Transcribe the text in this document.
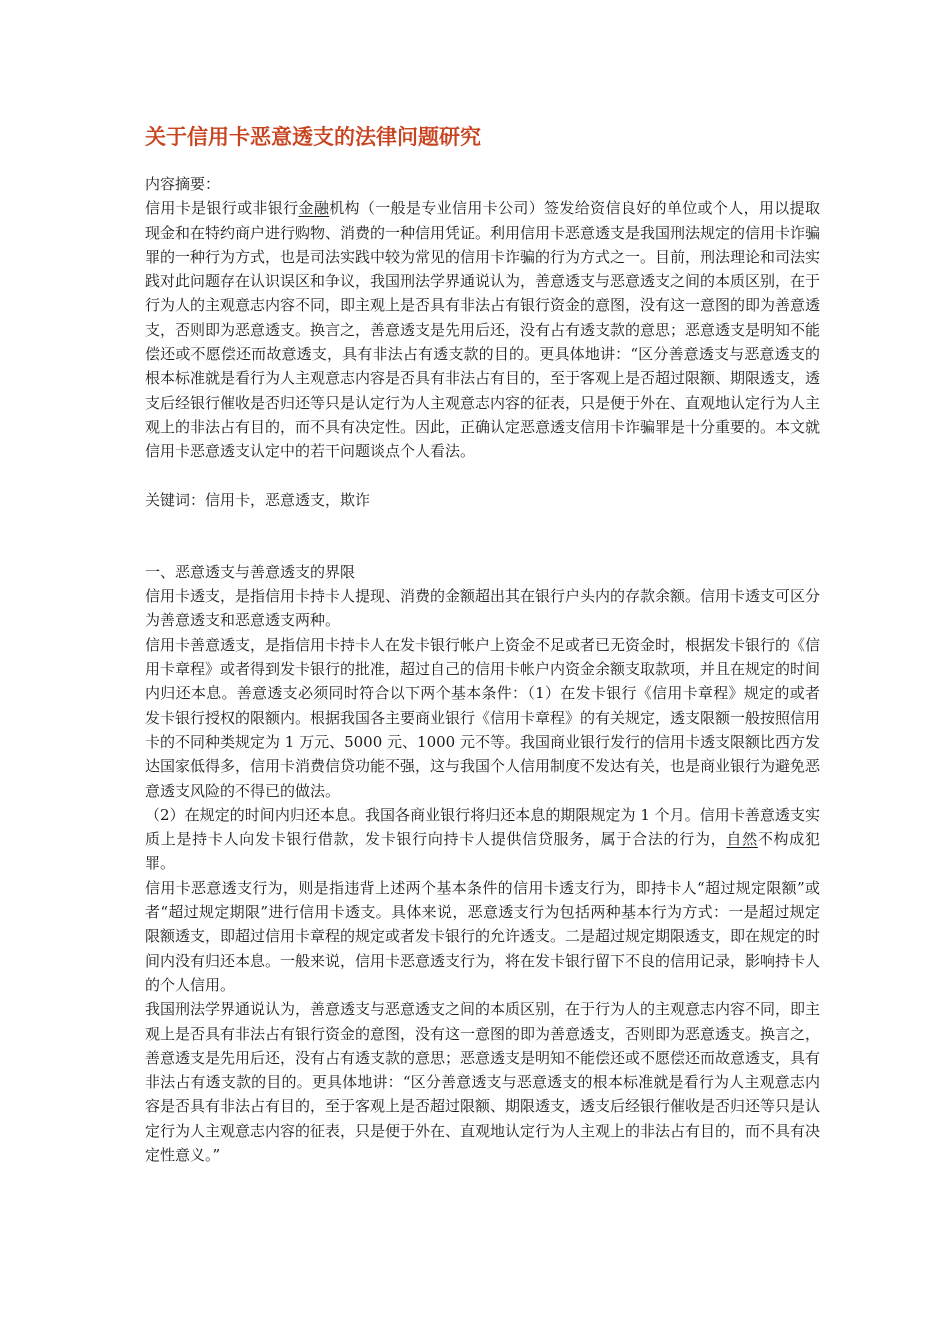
关于信用卡恶意透支的法律问题研究

内容摘要：

信用卡是银行或非银行金融机构（一般是专业信用卡公司）签发给资信良好的单位或个人，用以提取现金和在特约商户进行购物、消费的一种信用凭证。利用信用卡恶意透支是我国刑法规定的信用卡诈骗罪的一种行为方式，也是司法实践中较为常见的信用卡诈骗的行为方式之一。目前，刑法理论和司法实践对此问题存在认识误区和争议，我国刑法学界通说认为，善意透支与恶意透支之间的本质区别，在于行为人的主观意志内容不同，即主观上是否具有非法占有银行资金的意图，没有这一意图的即为善意透支，否则即为恶意透支。换言之，善意透支是先用后还，没有占有透支款的意思；恶意透支是明知不能偿还或不愿偿还而故意透支，具有非法占有透支款的目的。更具体地讲：“区分善意透支与恶意透支的根本标准就是看行为人主观意志内容是否具有非法占有目的，至于客观上是否超过限额、期限透支，透支后经银行催收是否归还等只是认定行为人主观意志内容的征表，只是便于外在、直观地认定行为人主观上的非法占有目的，而不具有决定性。因此，正确认定恶意透支信用卡诈骗罪是十分重要的。本文就信用卡恶意透支认定中的若干问题谈点个人看法。

关键词：信用卡，恶意透支，欺诈

一、恶意透支与善意透支的界限

信用卡透支，是指信用卡持卡人提现、消费的金额超出其在银行户头内的存款余额。信用卡透支可区分为善意透支和恶意透支两种。

信用卡善意透支，是指信用卡持卡人在发卡银行帐户上资金不足或者已无资金时，根据发卡银行的《信用卡章程》或者得到发卡银行的批准，超过自己的信用卡帐户内资金余额支取款项，并且在规定的时间内归还本息。善意透支必须同时符合以下两个基本条件：（1）在发卡银行《信用卡章程》规定的或者发卡银行授权的限额内。根据我国各主要商业银行《信用卡章程》的有关规定，透支限额一般按照信用卡的不同种类规定为 1 万元、5000 元、1000 元不等。我国商业银行发行的信用卡透支限额比西方发达国家低得多，信用卡消费信贷功能不强，这与我国个人信用制度不发达有关，也是商业银行为避免恶意透支风险的不得已的做法。

（2）在规定的时间内归还本息。我国各商业银行将归还本息的期限规定为 1 个月。信用卡善意透支实质上是持卡人向发卡银行借款，发卡银行向持卡人提供信贷服务，属于合法的行为，自然不构成犯罪。

信用卡恶意透支行为，则是指违背上述两个基本条件的信用卡透支行为，即持卡人“超过规定限额”或者“超过规定期限”进行信用卡透支。具体来说，恶意透支行为包括两种基本行为方式：一是超过规定限额透支，即超过信用卡章程的规定或者发卡银行的允许透支。二是超过规定期限透支，即在规定的时间内没有归还本息。一般来说，信用卡恶意透支行为，将在发卡银行留下不良的信用记录，影响持卡人的个人信用。

我国刑法学界通说认为，善意透支与恶意透支之间的本质区别，在于行为人的主观意志内容不同，即主观上是否具有非法占有银行资金的意图，没有这一意图的即为善意透支，否则即为恶意透支。换言之，善意透支是先用后还，没有占有透支款的意思；恶意透支是明知不能偿还或不愿偿还而故意透支，具有非法占有透支款的目的。更具体地讲：“区分善意透支与恶意透支的根本标准就是看行为人主观意志内容是否具有非法占有目的，至于客观上是否超过限额、期限透支，透支后经银行催收是否归还等只是认定行为人主观意志内容的征表，只是便于外在、直观地认定行为人主观上的非法占有目的，而不具有决定性意义。”
